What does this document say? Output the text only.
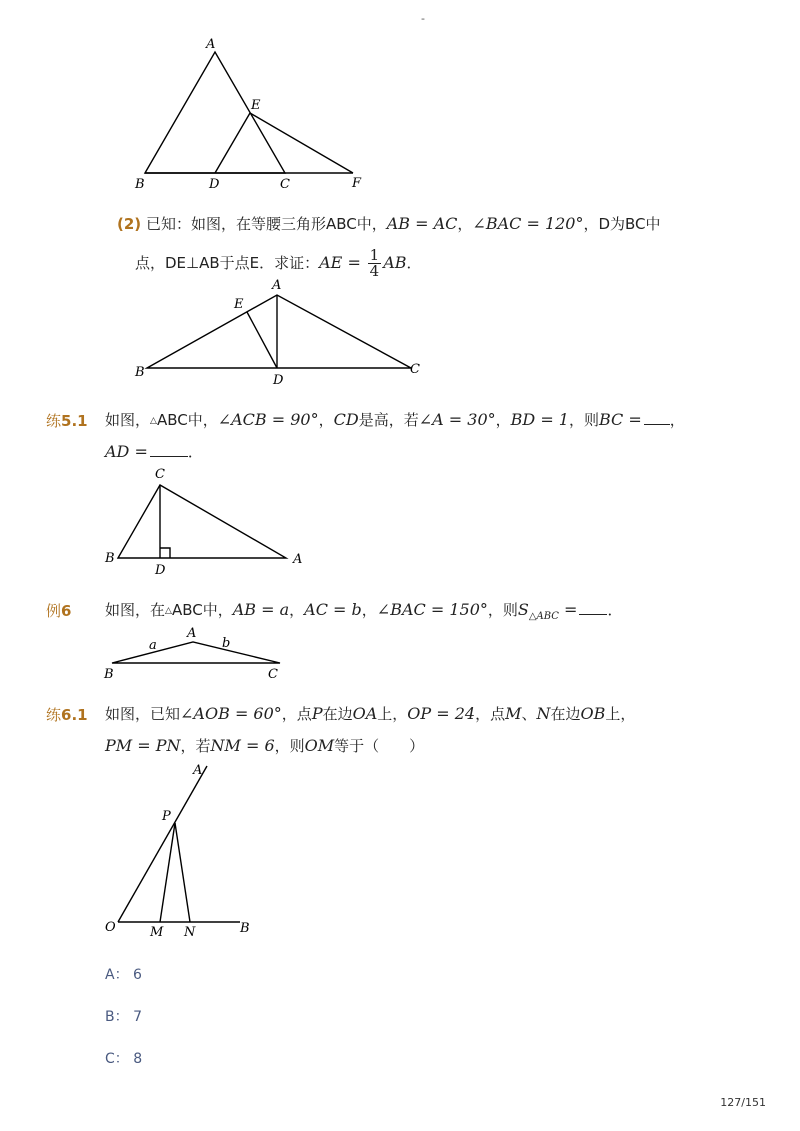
-
A
E
B	D	C	F
(2) 已知：如图，在等腰三角形ABC中，AB = AC，∠BAC = 120°，D为BC中
点，DE⊥AB于点E．求证：AE = $\frac{1}{4}$ AB．
A
E
B
D
C
练5.1 如图，△ABC中，∠ACB = 90°，CD是高，若∠A = 30°，BD = 1，则BC = ，
AD =	．
C
B
D
A
例6 如图，在△ABC中，AB = a，AC = b，∠BAC = 150°，则$S_{\triangle ABC}$ = ．
A
a	b
B	C
练6.1 如图，已知∠AOB = 60°，点P在边OA上，OP = 24，点M、N在边OB上，
PM = PN，若NM = 6，则OM等于（　　）
A
P
O	M N	B
A： 6
B： 7
C： 8
127/151
